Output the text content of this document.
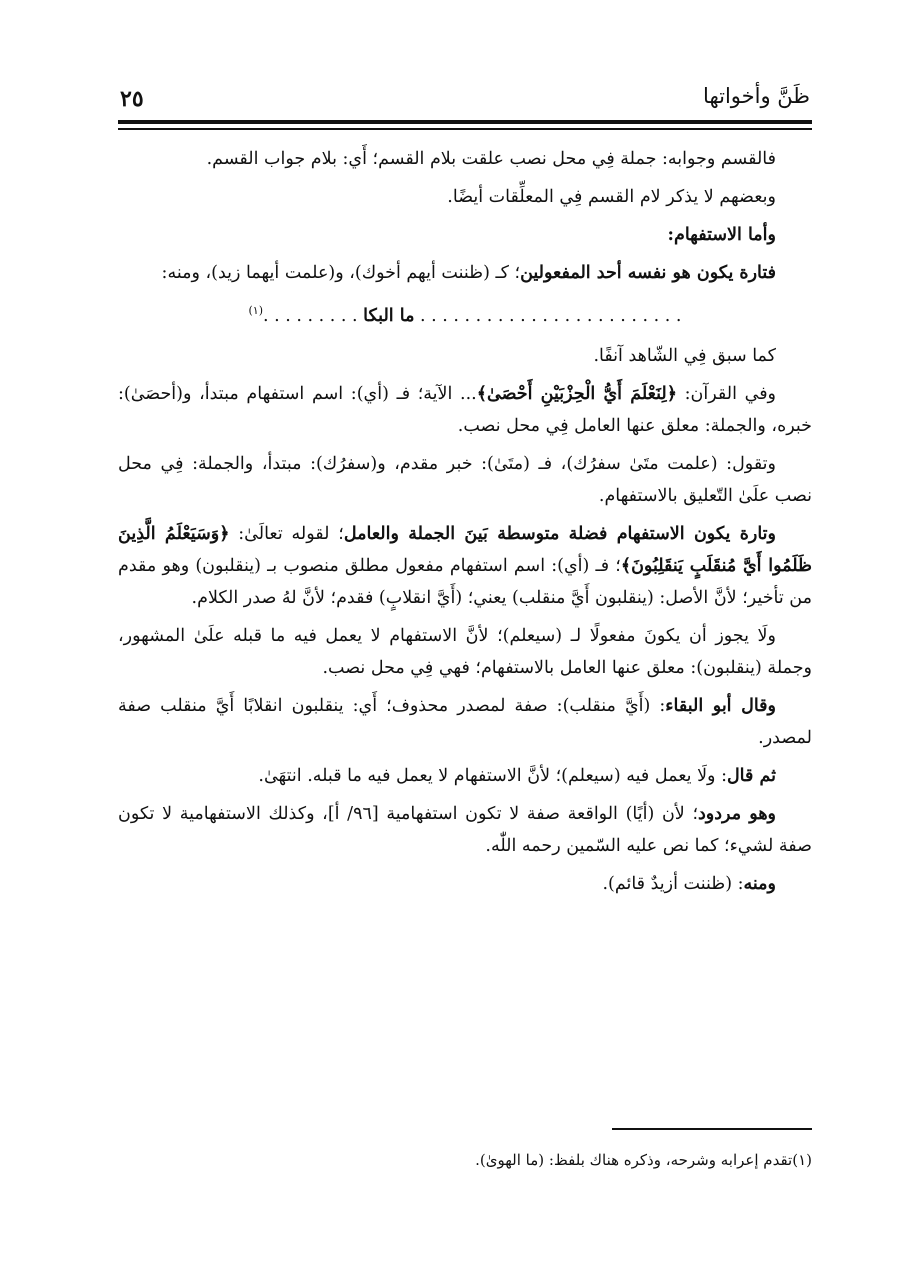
٢٥	ظَنَّ وأخواتها

فالقسم وجوابه: جملة فِي محل نصب علقت بلام القسم؛ أَي: بلام جواب القسم.

وبعضهم لا يذكر لام القسم فِي المعلِّقات أيضًا.

وأما الاستفهام:

فتارة يكون هو نفسه أحد المفعولين؛ كـ (ظننت أيهم أخوك)، و(علمت أيهما زيد)، ومنه:

. . . . . . . . . . . . . . . . . . . . . . . . ما البكا . . . . . . . . .$^{(١)}$

كما سبق فِي الشّاهد آنفًا.

وفي القرآن: ﴿لِنَعْلَمَ أَيُّ الْحِزْبَيْنِ أَحْصَىٰ﴾... الآية؛ فـ (أي): اسم استفهام مبتدأ، و(أحصَىٰ): خبره، والجملة: معلق عنها العامل فِي محل نصب.

وتقول: (علمت متَىٰ سفرُك)، فـ (متَىٰ): خبر مقدم، و(سفرُك): مبتدأ، والجملة: فِي محل نصب علَىٰ التّعليق بالاستفهام.

وتارة يكون الاستفهام فضلة متوسطة بَينَ الجملة والعامل؛ لقوله تعالَىٰ: ﴿وَسَيَعْلَمُ الَّذِينَ ظَلَمُوا أَيَّ مُنقَلَبٍ يَنقَلِبُونَ﴾؛ فـ (أي): اسم استفهام مفعول مطلق منصوب بـ (ينقلبون) وهو مقدم من تأخير؛ لأنَّ الأصل: (ينقلبون أَيَّ منقلب) يعني؛ (أَيَّ انقلابٍ) فقدم؛ لأنَّ لهُ صدر الكلام.

ولَا يجوز أن يكونَ مفعولًا لـ (سيعلم)؛ لأنَّ الاستفهام لا يعمل فيه ما قبله علَىٰ المشهور، وجملة (ينقلبون): معلق عنها العامل بالاستفهام؛ فهي فِي محل نصب.

وقال أبو البقاء: (أَيَّ منقلب): صفة لمصدر محذوف؛ أَي: ينقلبون انقلابًا أَيَّ منقلب صفة لمصدر.

ثم قال: ولَا يعمل فيه (سيعلم)؛ لأنَّ الاستفهام لا يعمل فيه ما قبله. انتهَىٰ.

وهو مردود؛ لأن (أيًا) الواقعة صفة لا تكون استفهامية [٩٦/ أ]، وكذلك الاستفهامية لا تكون صفة لشيء؛ كما نص عليه السّمين رحمه اللّٰه.

ومنه: (ظننت أزيدٌ قائم).

(١)تقدم إعرابه وشرحه، وذكره هناك بلفظ: (ما الهوىٰ).
